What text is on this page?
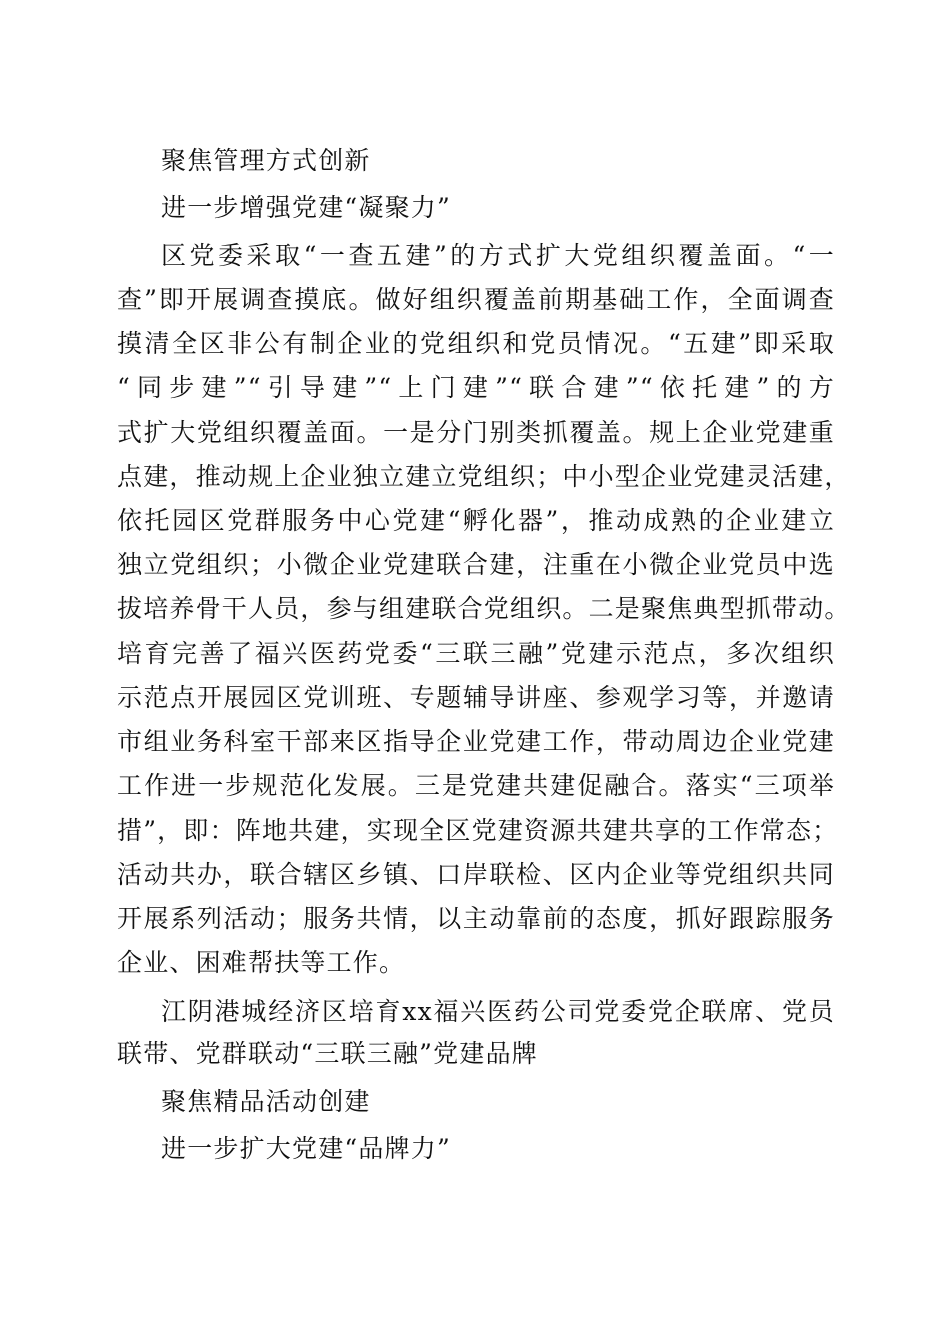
聚焦管理方式创新
进一步增强党建“凝聚力”
区党委采取“一查五建”的方式扩大党组织覆盖面。“一
查”即开展调查摸底。做好组织覆盖前期基础工作，全面调查
摸清全区非公有制企业的党组织和党员情况。“五建”即采取
“同步建”“引导建”“上门建”“联合建”“依托建”的方
式扩大党组织覆盖面。一是分门别类抓覆盖。规上企业党建重
点建，推动规上企业独立建立党组织；中小型企业党建灵活建，
依托园区党群服务中心党建“孵化器”，推动成熟的企业建立
独立党组织；小微企业党建联合建，注重在小微企业党员中选
拔培养骨干人员，参与组建联合党组织。二是聚焦典型抓带动。
培育完善了福兴医药党委“三联三融”党建示范点，多次组织
示范点开展园区党训班、专题辅导讲座、参观学习等，并邀请
市组业务科室干部来区指导企业党建工作，带动周边企业党建
工作进一步规范化发展。三是党建共建促融合。落实“三项举
措”，即：阵地共建，实现全区党建资源共建共享的工作常态；
活动共办，联合辖区乡镇、口岸联检、区内企业等党组织共同
开展系列活动；服务共情，以主动靠前的态度，抓好跟踪服务
企业、困难帮扶等工作。
江阴港城经济区培育xx福兴医药公司党委党企联席、党员
联带、党群联动“三联三融”党建品牌
聚焦精品活动创建
进一步扩大党建“品牌力”
